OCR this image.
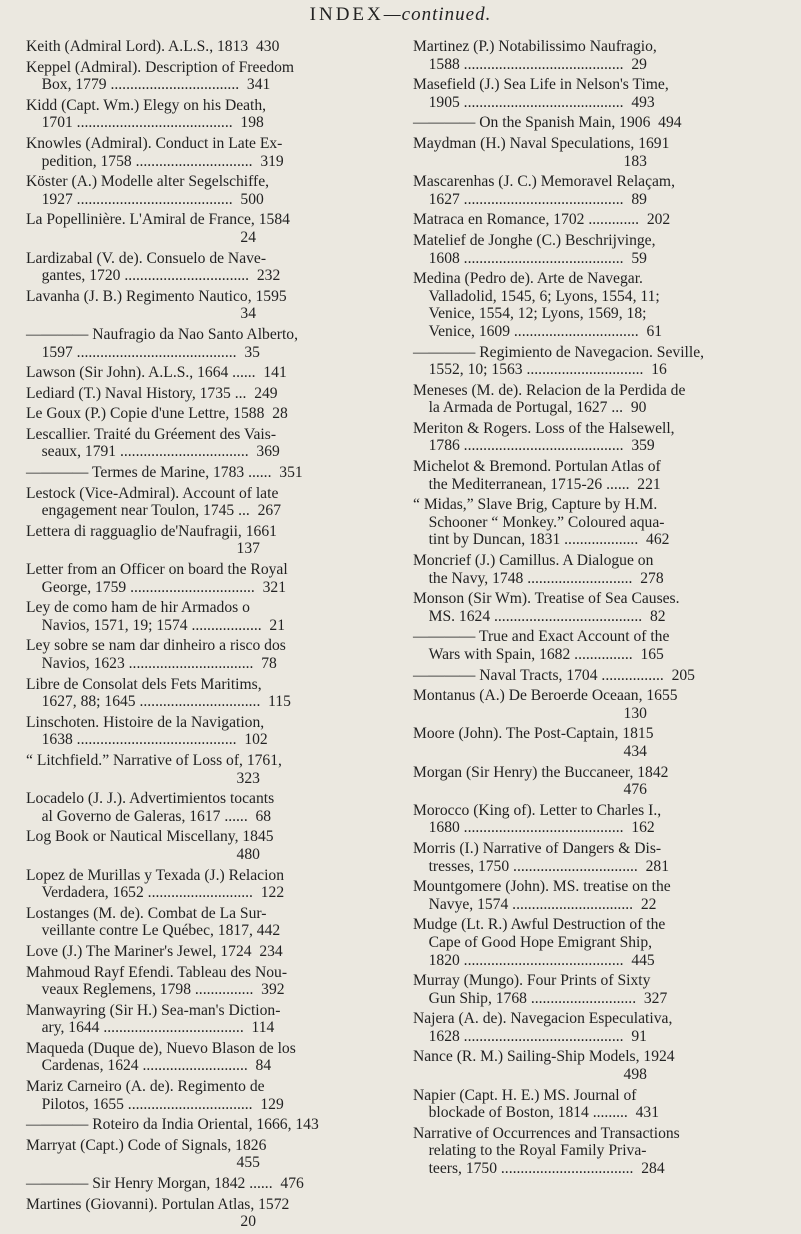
INDEX—continued.
Keith (Admiral Lord). A.L.S., 1813  430
Keppel (Admiral). Description of Freedom
Box, 1779 .................................  341
Kidd (Capt. Wm.) Elegy on his Death,
1701 ........................................  198
Knowles (Admiral). Conduct in Late Ex-
pedition, 1758 ..............................  319
Köster (A.) Modelle alter Segelschiffe,
1927 ........................................  500
La Popellinière. L'Amiral de France, 1584
24
Lardizabal (V. de). Consuelo de Nave-
gantes, 1720 ................................  232
Lavanha (J. B.) Regimento Nautico, 1595
34
———— Naufragio da Nao Santo Alberto,
1597 .........................................  35
Lawson (Sir John). A.L.S., 1664 ......  141
Lediard (T.) Naval History, 1735 ...  249
Le Goux (P.) Copie d'une Lettre, 1588  28
Lescallier. Traité du Gréement des Vais-
seaux, 1791 .................................  369
———— Termes de Marine, 1783 ......  351
Lestock (Vice-Admiral). Account of late
engagement near Toulon, 1745 ...  267
Lettera di ragguaglio de'Naufragii, 1661
137
Letter from an Officer on board the Royal
George, 1759 ................................  321
Ley de como ham de hir Armados o
Navios, 1571, 19; 1574 ..................  21
Ley sobre se nam dar dinheiro a risco dos
Navios, 1623 ................................  78
Libre de Consolat dels Fets Maritims,
1627, 88; 1645 ...............................  115
Linschoten. Histoire de la Navigation,
1638 .........................................  102
“ Litchfield.” Narrative of Loss of, 1761,
323
Locadelo (J. J.). Advertimientos tocants
al Governo de Galeras, 1617 ......  68
Log Book or Nautical Miscellany, 1845
480
Lopez de Murillas y Texada (J.) Relacion
Verdadera, 1652 ...........................  122
Lostanges (M. de). Combat de La Sur-
veillante contre Le Québec, 1817, 442
Love (J.) The Mariner's Jewel, 1724  234
Mahmoud Rayf Efendi. Tableau des Nou-
veaux Reglemens, 1798 ...............  392
Manwayring (Sir H.) Sea-man's Diction-
ary, 1644 ....................................  114
Maqueda (Duque de), Nuevo Blason de los
Cardenas, 1624 ...........................  84
Mariz Carneiro (A. de). Regimento de
Pilotos, 1655 ................................  129
———— Roteiro da India Oriental, 1666, 143
Marryat (Capt.) Code of Signals, 1826
455
———— Sir Henry Morgan, 1842 ......  476
Martines (Giovanni). Portulan Atlas, 1572
20
Martinez (P.) Notabilissimo Naufragio,
1588 .........................................  29
Masefield (J.) Sea Life in Nelson's Time,
1905 .........................................  493
———— On the Spanish Main, 1906  494
Maydman (H.) Naval Speculations, 1691
183
Mascarenhas (J. C.) Memoravel Relaçam,
1627 .........................................  89
Matraca en Romance, 1702 .............  202
Matelief de Jonghe (C.) Beschrijvinge,
1608 .........................................  59
Medina (Pedro de). Arte de Navegar.
Valladolid, 1545, 6; Lyons, 1554, 11;
Venice, 1554, 12; Lyons, 1569, 18;
Venice, 1609 ................................  61
———— Regimiento de Navegacion. Seville,
1552, 10; 1563 ..............................  16
Meneses (M. de). Relacion de la Perdida de
la Armada de Portugal, 1627 ...  90
Meriton & Rogers. Loss of the Halsewell,
1786 .........................................  359
Michelot & Bremond. Portulan Atlas of
the Mediterranean, 1715-26 ......  221
“ Midas,” Slave Brig, Capture by H.M.
Schooner “ Monkey.” Coloured aqua-
tint by Duncan, 1831 ...................  462
Moncrief (J.) Camillus. A Dialogue on
the Navy, 1748 ...........................  278
Monson (Sir Wm). Treatise of Sea Causes.
MS. 1624 ......................................  82
———— True and Exact Account of the
Wars with Spain, 1682 ...............  165
———— Naval Tracts, 1704 ................  205
Montanus (A.) De Beroerde Oceaan, 1655
130
Moore (John). The Post-Captain, 1815
434
Morgan (Sir Henry) the Buccaneer, 1842
476
Morocco (King of). Letter to Charles I.,
1680 .........................................  162
Morris (I.) Narrative of Dangers & Dis-
tresses, 1750 ................................  281
Mountgomere (John). MS. treatise on the
Navye, 1574 ...............................  22
Mudge (Lt. R.) Awful Destruction of the
Cape of Good Hope Emigrant Ship,
1820 .........................................  445
Murray (Mungo). Four Prints of Sixty
Gun Ship, 1768 ...........................  327
Najera (A. de). Navegacion Especulativa,
1628 .........................................  91
Nance (R. M.) Sailing-Ship Models, 1924
498
Napier (Capt. H. E.) MS. Journal of
blockade of Boston, 1814 .........  431
Narrative of Occurrences and Transactions
relating to the Royal Family Priva-
teers, 1750 ..................................  284
